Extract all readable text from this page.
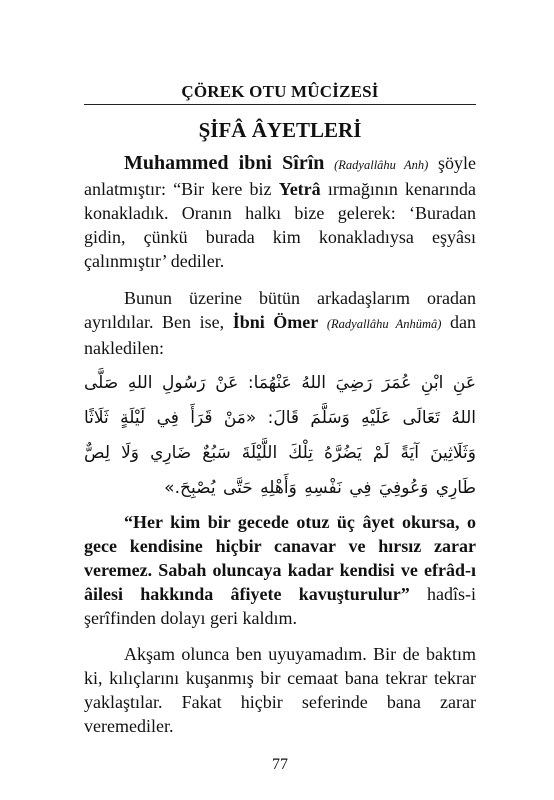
ÇÖREK OTU MÛCİZESİ
ŞİFÂ ÂYETLERİ

Muhammed ibni Sîrîn (Radyallâhu Anh) şöyle anlatmıştır: “Bir kere biz Yetrâ ırmağının kenarında konakladık. Oranın halkı bize gelerek: ‘Buradan gidin, çünkü burada kim konakladıysa eşyâsı çalınmıştır’ dediler.

Bunun üzerine bütün arkadaşlarım oradan ayrıldılar. Ben ise, İbni Ömer (Radyallâhu Anhümâ) dan nakledilen:

عَنِ ابْنِ عُمَرَ رَضِيَ اللهُ عَنْهُمَا: عَنْ رَسُولِ اللهِ صَلَّى اللهُ تَعَالَى عَلَيْهِ وَسَلَّمَ قَالَ: «مَنْ قَرَأَ فِي لَيْلَةٍ ثَلَاثًا وَثَلَاثِينَ آيَةً لَمْ يَضُرَّهُ تِلْكَ اللَّيْلَةَ سَبُعٌ ضَارِي وَلَا لِصٌّ طَارِي وَعُوفِيَ فِي نَفْسِهِ وَأَهْلِهِ حَتَّى يُصْبِحَ.»

“Her kim bir gecede otuz üç âyet okursa, o gece kendisine hiçbir canavar ve hırsız zarar veremez. Sabah oluncaya kadar kendisi ve efrâd-ı âilesi hakkında âfiyete kavuşturulur” hadîs-i şerîfinden dolayı geri kaldım.

Akşam olunca ben uyuyamadım. Bir de baktım ki, kılıçlarını kuşanmış bir cemaat bana tekrar tekrar yaklaştılar. Fakat hiçbir seferinde bana zarar veremediler.

77
